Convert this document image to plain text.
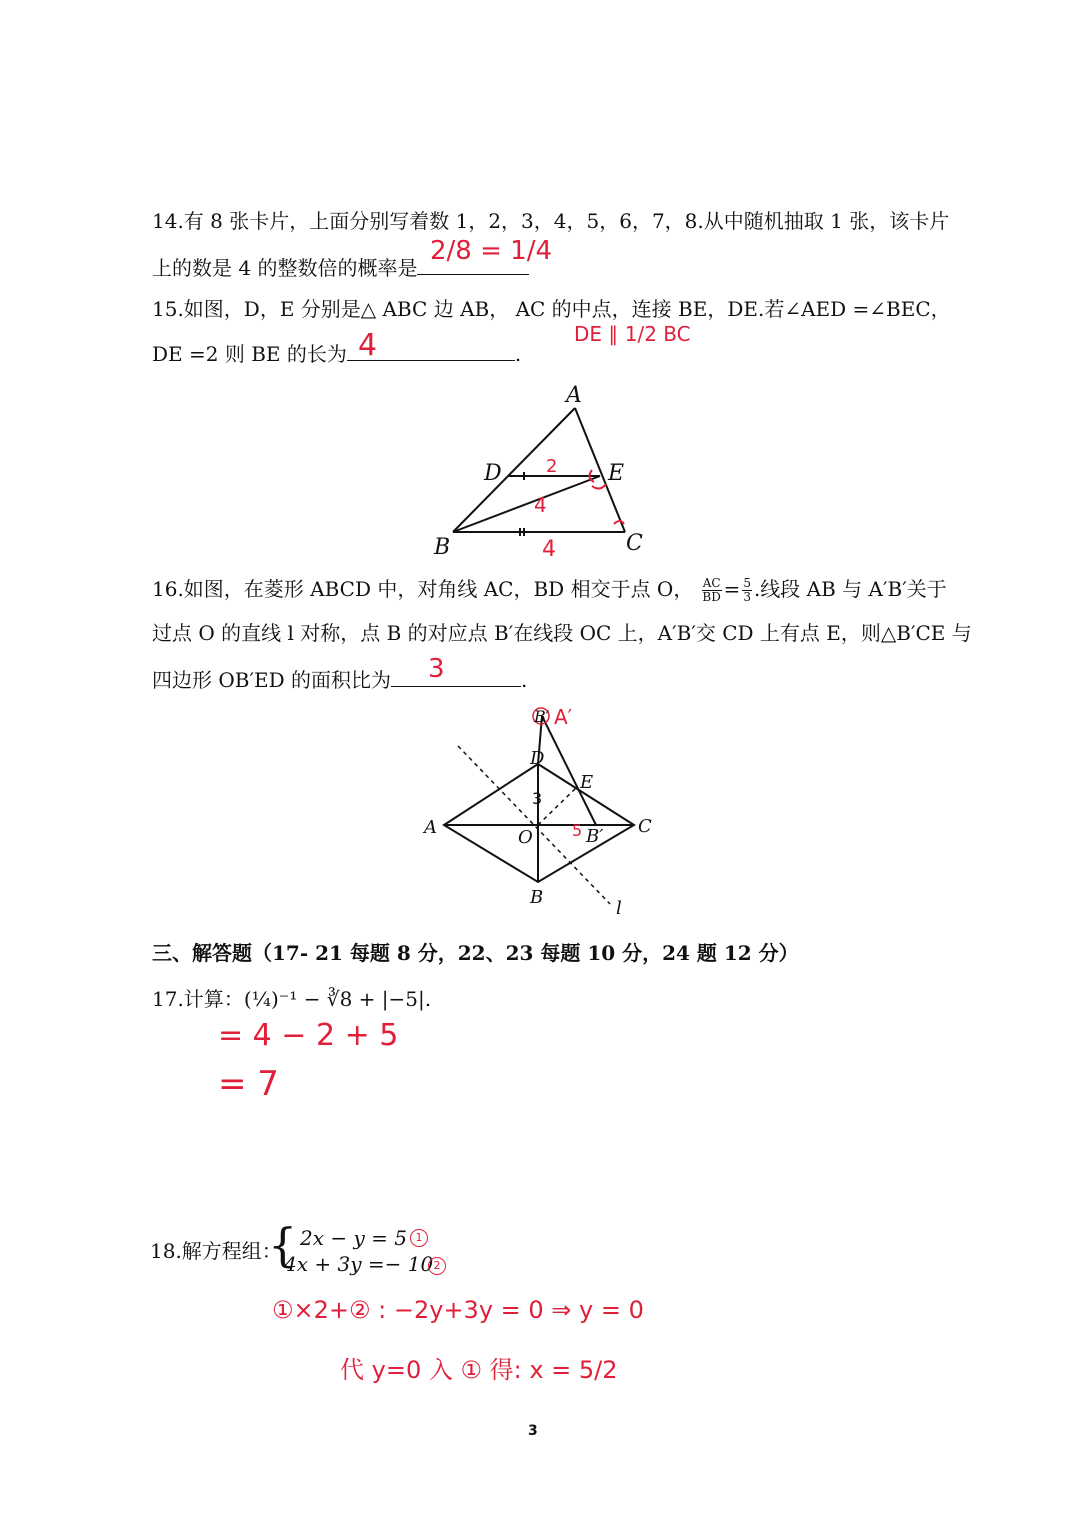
14.有 8 张卡片，上面分别写着数 1，2，3，4，5，6，7，8.从中随机抽取 1 张，该卡片
上的数是 4 的整数倍的概率是
2/8 = 1/4
15.如图，D，E 分别是△ ABC 边 AB， AC 的中点，连接 BE，DE.若∠AED =∠BEC，
DE =2 则 BE 的长为	.
4	DE ∥ 1/2 BC
A
D	E
B	C
2
4
4
16.如图，在菱形 ABCD 中，对角线 AC，BD 相交于点 O， $\frac{AC}{BD} = \frac{5}{3}$ .线段 AB 与 A′B′关于
过点 O 的直线 l 对称，点 B 的对应点 B′在线段 OC 上，A′B′交 CD 上有点 E，则△B′CE 与
四边形 OB′ED 的面积比为	.
3
A	C
D
B
O
E
B′
B′ A′
l
3
5
三、解答题（17- 21 每题 8 分，22、23 每题 10 分，24 题 12 分）
17.计算：(¼)⁻¹ − ∛8 + |−5|.
= 4 − 2 + 5
= 7
18.解方程组：
{ 2x − y = 5
4x + 3y =− 10
1
2
①×2+② : −2y+3y = 0 ⇒ y = 0
代 y=0 入 ① 得: x = 5/2
3
